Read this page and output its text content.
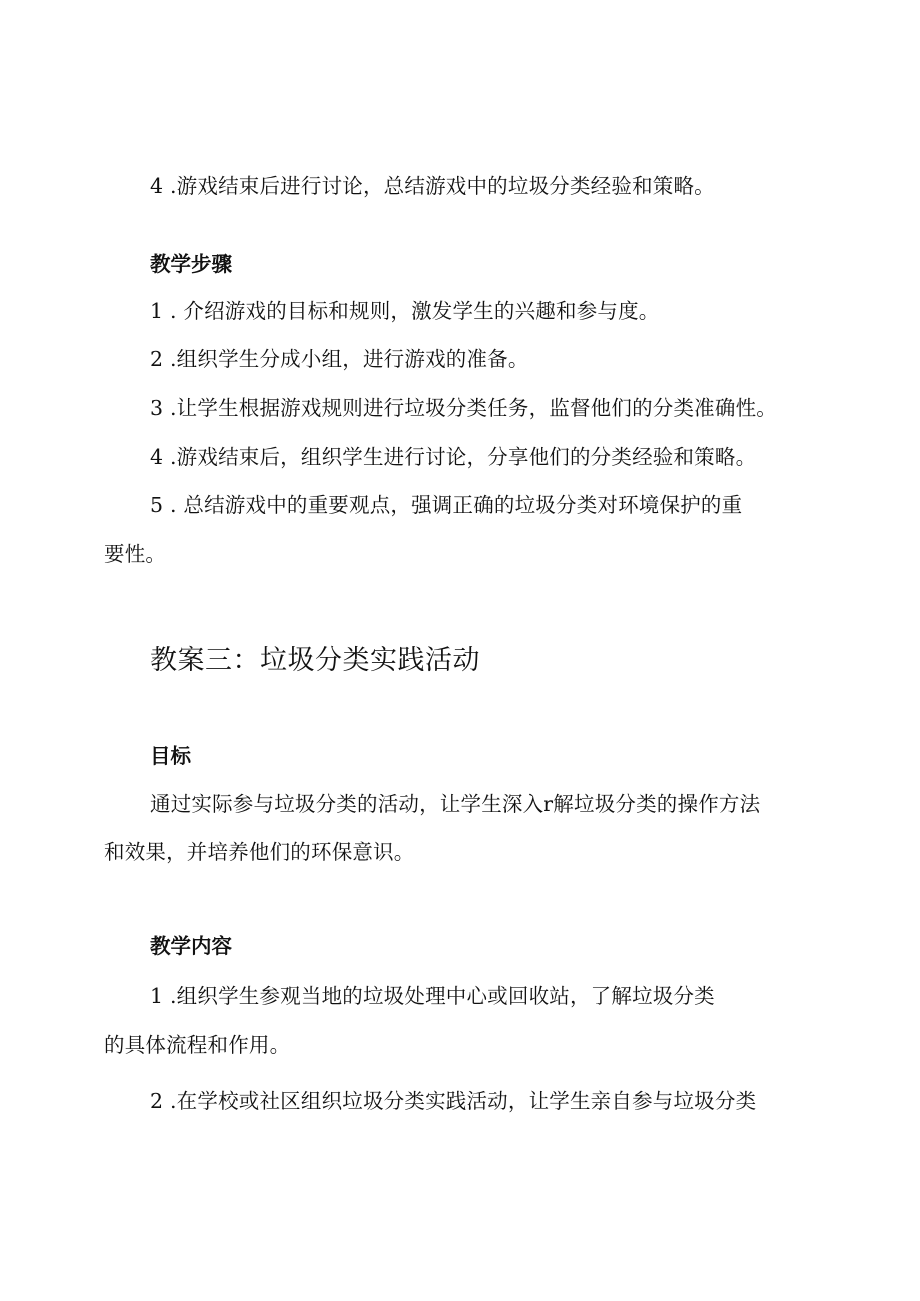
4 .游戏结束后进行讨论，总结游戏中的垃圾分类经验和策略。
教学步骤
1 . 介绍游戏的目标和规则，激发学生的兴趣和参与度。
2 .组织学生分成小组，进行游戏的准备。
3 .让学生根据游戏规则进行垃圾分类任务，监督他们的分类准确性。
4 .游戏结束后，组织学生进行讨论，分享他们的分类经验和策略。
5 . 总结游戏中的重要观点，强调正确的垃圾分类对环境保护的重
要性。
教案三：垃圾分类实践活动
目标
通过实际参与垃圾分类的活动，让学生深入r解垃圾分类的操作方法
和效果，并培养他们的环保意识。
教学内容
1 .组织学生参观当地的垃圾处理中心或回收站，了解垃圾分类
的具体流程和作用。
2 .在学校或社区组织垃圾分类实践活动，让学生亲自参与垃圾分类
